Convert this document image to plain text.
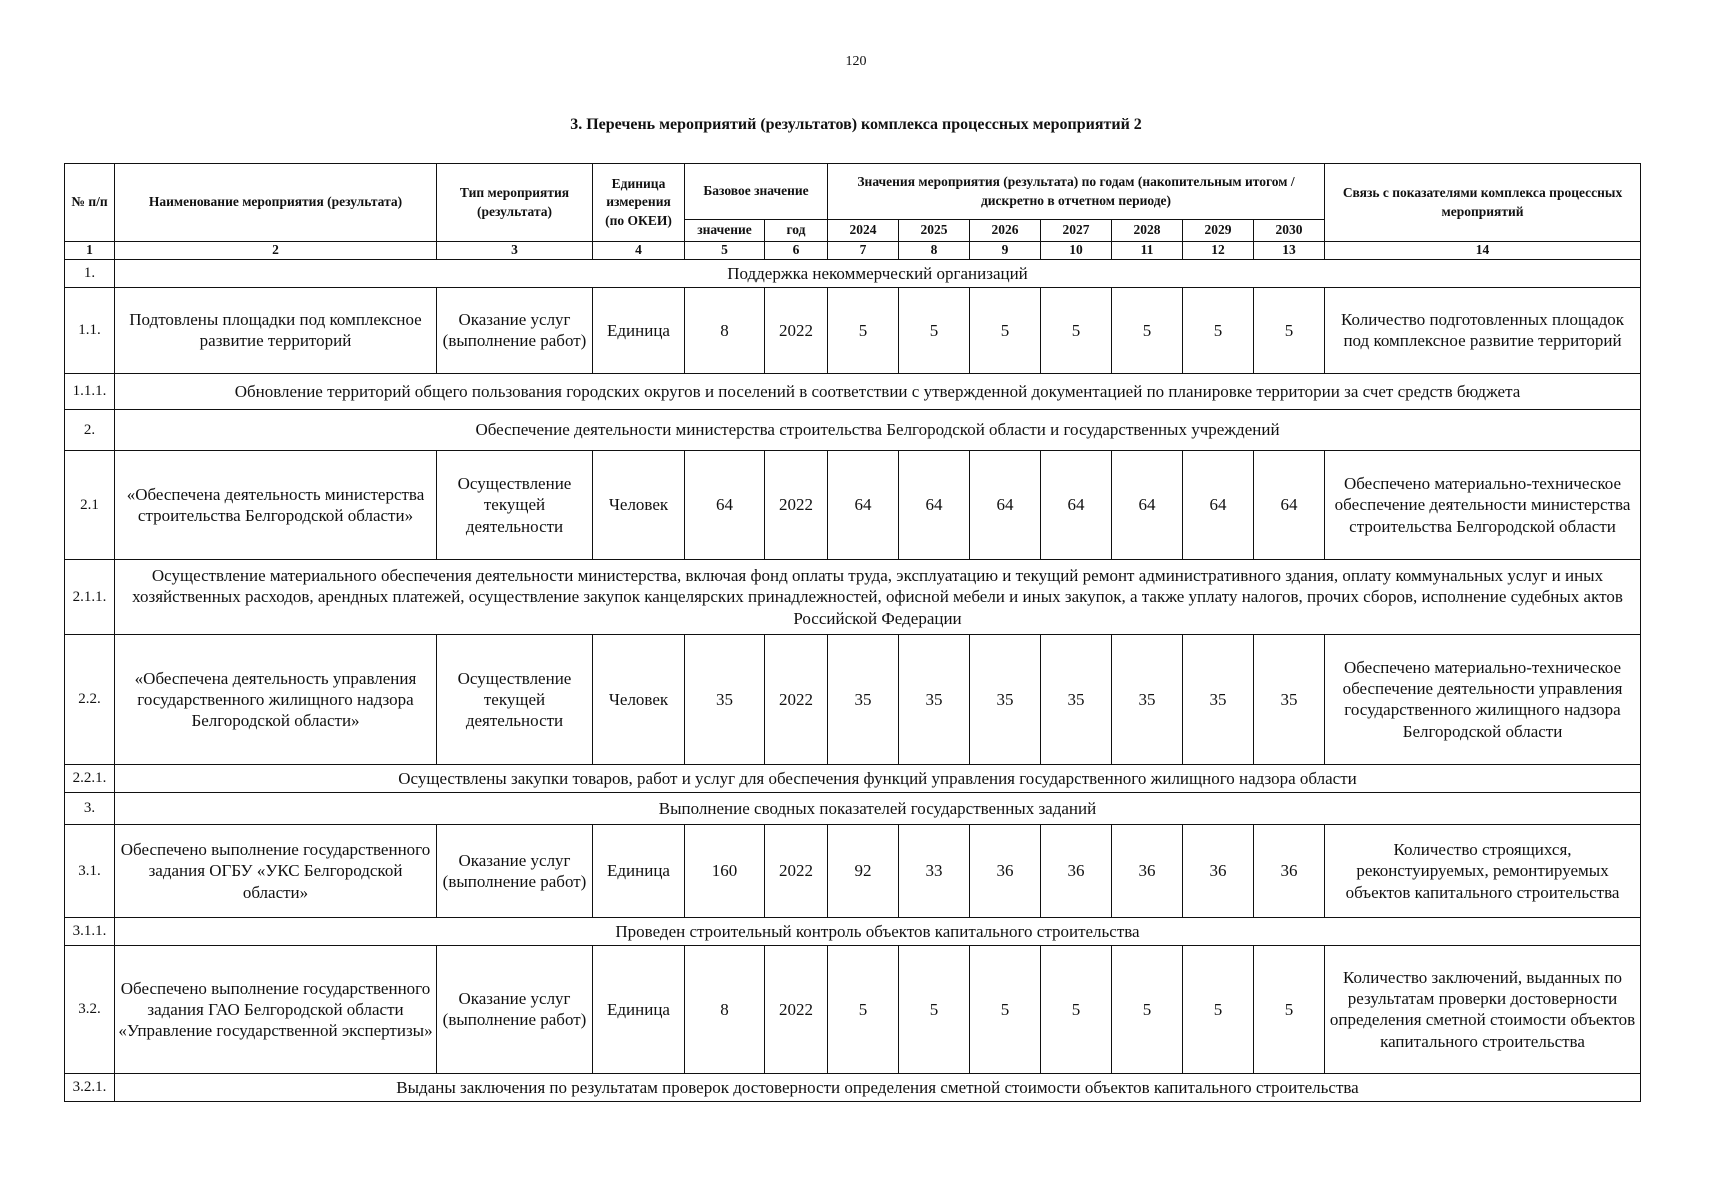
120
3. Перечень мероприятий (результатов) комплекса процессных мероприятий 2
№ п/п	Наименование мероприятия (результата)	Тип мероприятия (результата)	Единица измерения (по ОКЕИ)	Базовое значение		Значения мероприятия (результата) по годам (накопительным итогом / дискретно в отчетном периоде)							Связь с показателями комплекса процессных мероприятий
				значение	год	2024	2025	2026	2027	2028	2029	2030	
1	2	3	4	5	6	7	8	9	10	11	12	13	14
1.	Поддержка некоммерческий организаций												
1.1.	Подтовлены площадки под комплексное развитие территорий	Оказание услуг (выполнение работ)	Единица	8	2022	5	5	5	5	5	5	5	Количество подготовленных площадок под комплексное развитие территорий
1.1.1.	Обновление территорий общего пользования городских округов и поселений в соответствии с утвержденной документацией по планировке территории за счет средств бюджета												
2.	Обеспечение деятельности министерства строительства Белгородской области и государственных учреждений												
2.1	«Обеспечена деятельность министерства строительства Белгородской области»	Осуществление текущей деятельности	Человек	64	2022	64	64	64	64	64	64	64	Обеспечено материально-техническое обеспечение деятельности министерства строительства Белгородской области
2.1.1.	Осуществление материального обеспечения деятельности министерства, включая фонд оплаты труда, эксплуатацию и текущий ремонт административного здания, оплату коммунальных услуг и иных хозяйственных расходов, арендных платежей, осуществление закупок канцелярских принадлежностей, офисной мебели и иных закупок, а также уплату налогов, прочих сборов, исполнение судебных актов Российской Федерации												
2.2.	«Обеспечена деятельность управления государственного жилищного надзора Белгородской области»	Осуществление текущей деятельности	Человек	35	2022	35	35	35	35	35	35	35	Обеспечено материально-техническое обеспечение деятельности управления государственного жилищного надзора Белгородской области
2.2.1.	Осуществлены закупки товаров, работ и услуг для обеспечения функций управления государственного жилищного надзора области												
3.	Выполнение сводных показателей государственных заданий												
3.1.	Обеспечено выполнение государственного задания ОГБУ «УКС Белгородской области»	Оказание услуг (выполнение работ)	Единица	160	2022	92	33	36	36	36	36	36	Количество строящихся, реконстуируемых, ремонтируемых объектов капитального строительства
3.1.1.	Проведен строительный контроль объектов капитального строительства												
3.2.	Обеспечено выполнение государственного задания ГАО Белгородской области «Управление государственной экспертизы»	Оказание услуг (выполнение работ)	Единица	8	2022	5	5	5	5	5	5	5	Количество заключений, выданных по результатам проверки достоверности определения сметной стоимости объектов капитального строительства
3.2.1.	Выданы заключения по результатам проверок достоверности определения сметной стоимости объектов капитального строительства												
